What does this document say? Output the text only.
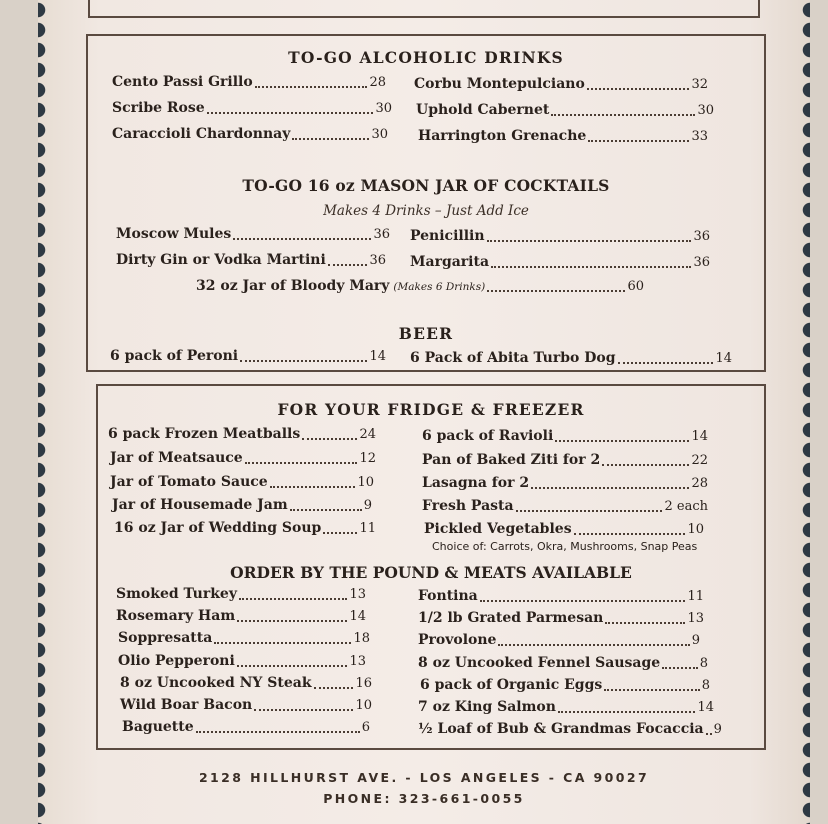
TO-GO ALCOHOLIC DRINKS
Cento Passi Grillo	28
Scribe Rose	30
Caraccioli Chardonnay	30
Corbu Montepulciano	32
Uphold Cabernet	30
Harrington Grenache	33
TO-GO 16 oz MASON JAR OF COCKTAILS
Makes 4 Drinks – Just Add Ice
Moscow Mules	36
Dirty Gin or Vodka Martini	36
Penicillin	36
Margarita	36
32 oz Jar of Bloody Mary (Makes 6 Drinks)	60
BEER
6 pack of Peroni	14 6 Pack of Abita Turbo Dog	14
FOR YOUR FRIDGE & FREEZER
6 pack Frozen Meatballs	24
Jar of Meatsauce	12
Jar of Tomato Sauce	10
Jar of Housemade Jam	9
16 oz Jar of Wedding Soup	11
6 pack of Ravioli	14
Pan of Baked Ziti for 2	22
Lasagna for 2	28
Fresh Pasta	2 each
Pickled Vegetables	10
Choice of: Carrots, Okra, Mushrooms, Snap Peas
ORDER BY THE POUND & MEATS AVAILABLE
Smoked Turkey	13
Rosemary Ham	14
Soppresatta	18
Olio Pepperoni	13
8 oz Uncooked NY Steak	16
Wild Boar Bacon	10
Baguette	6
Fontina	11
1/2 lb Grated Parmesan	13
Provolone	9
8 oz Uncooked Fennel Sausage	8
6 pack of Organic Eggs	8
7 oz King Salmon	14
½ Loaf of Bub & Grandmas Focaccia 9
2128 HILLHURST AVE. - LOS ANGELES - CA 90027
PHONE: 323-661-0055
